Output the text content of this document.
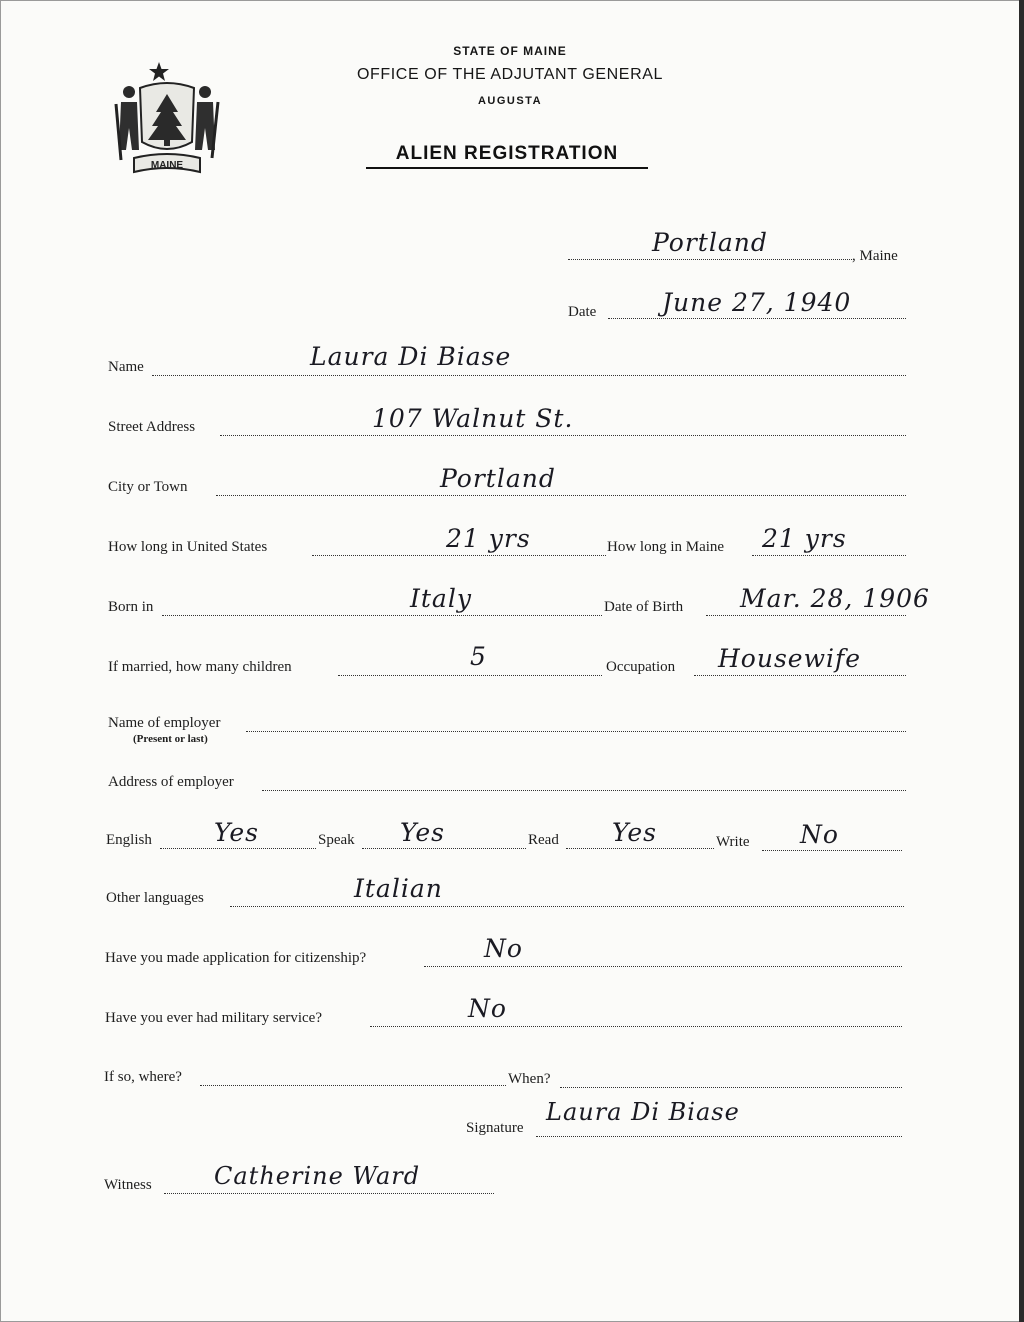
MAINE
STATE OF MAINE
OFFICE OF THE ADJUTANT GENERAL
AUGUSTA
ALIEN REGISTRATION
Portland	, Maine
Date	June 27, 1940
Name	Laura Di Biase
Street Address	107 Walnut St.
City or Town	Portland
How long in United States	21 yrs	How long in Maine 21 yrs
Born in	Italy	Date of Birth Mar. 28, 1906
If married, how many children	5	Occupation Housewife
Name of employer
(Present or last)
Address of employer
English Yes	Speak Yes	Read Yes	Write No
Other languages	Italian
Have you made application for citizenship?	No
Have you ever had military service?	No
If so, where?	When?
Signature
Laura Di Biase
Witness	Catherine Ward
